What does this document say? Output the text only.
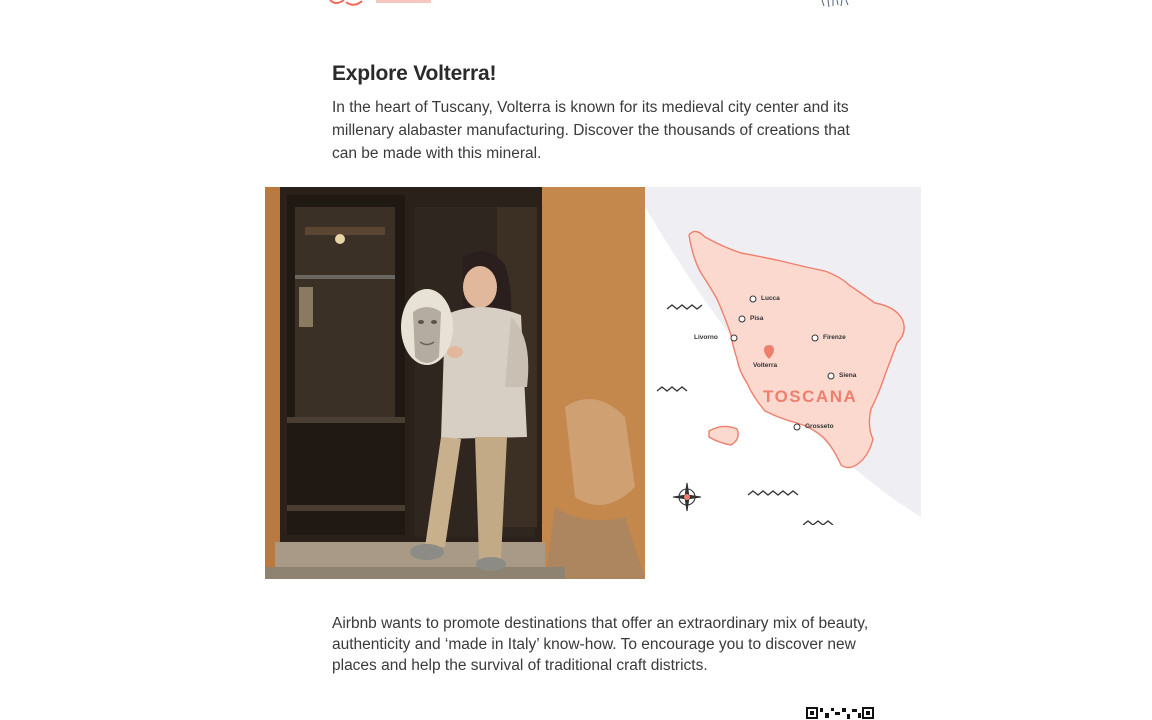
Explore Volterra!

In the heart of Tuscany, Volterra is known for its medieval city center and its millenary alabaster manufacturing. Discover the thousands of creations that can be made with this mineral.

Lucca
Pisa
Livorno	Firenze
Volterra
Siena
Grosseto
TOSCANA

Airbnb wants to promote destinations that offer an extraordinary mix of beauty, authenticity and ‘made in Italy’ know-how. To encourage you to discover new places and help the survival of traditional craft districts.
